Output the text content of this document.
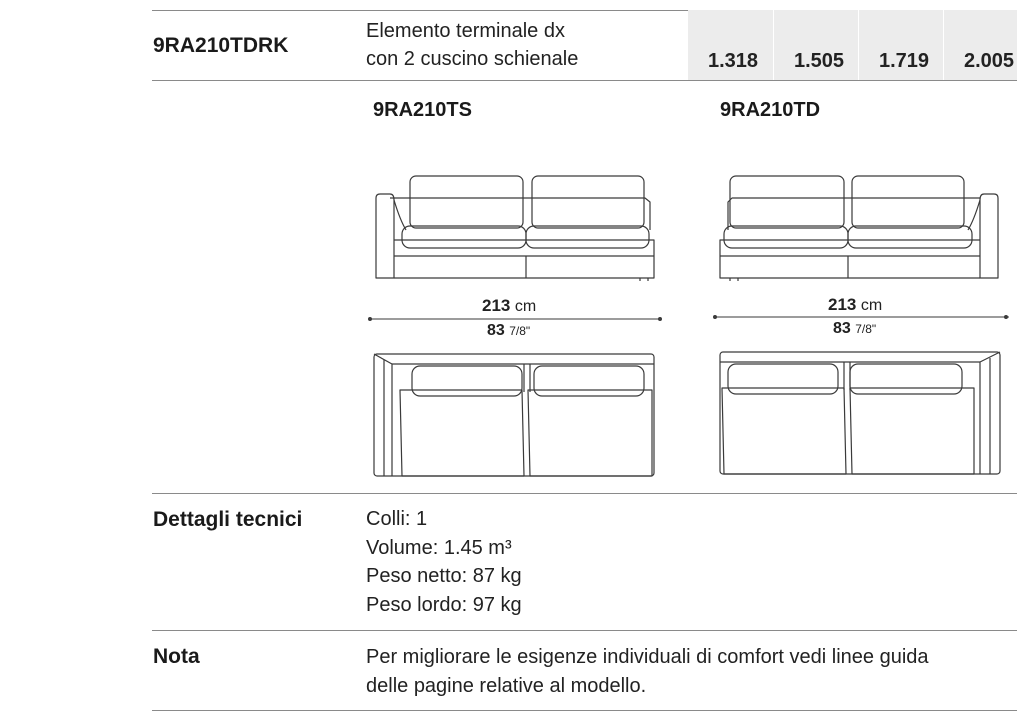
9RA210TDRK
Elemento terminale dx
con 2 cuscino schienale	1.318 1.505 1.719 2.005
9RA210TS	9RA210TD
213 cm
83 7/8"
213 cm
83 7/8"
Dettagli tecnici	Colli: 1
Volume: 1.45 m³
Peso netto: 87 kg
Peso lordo: 97 kg
Nota	Per migliorare le esigenze individuali di comfort vedi linee guida
delle pagine relative al modello.
